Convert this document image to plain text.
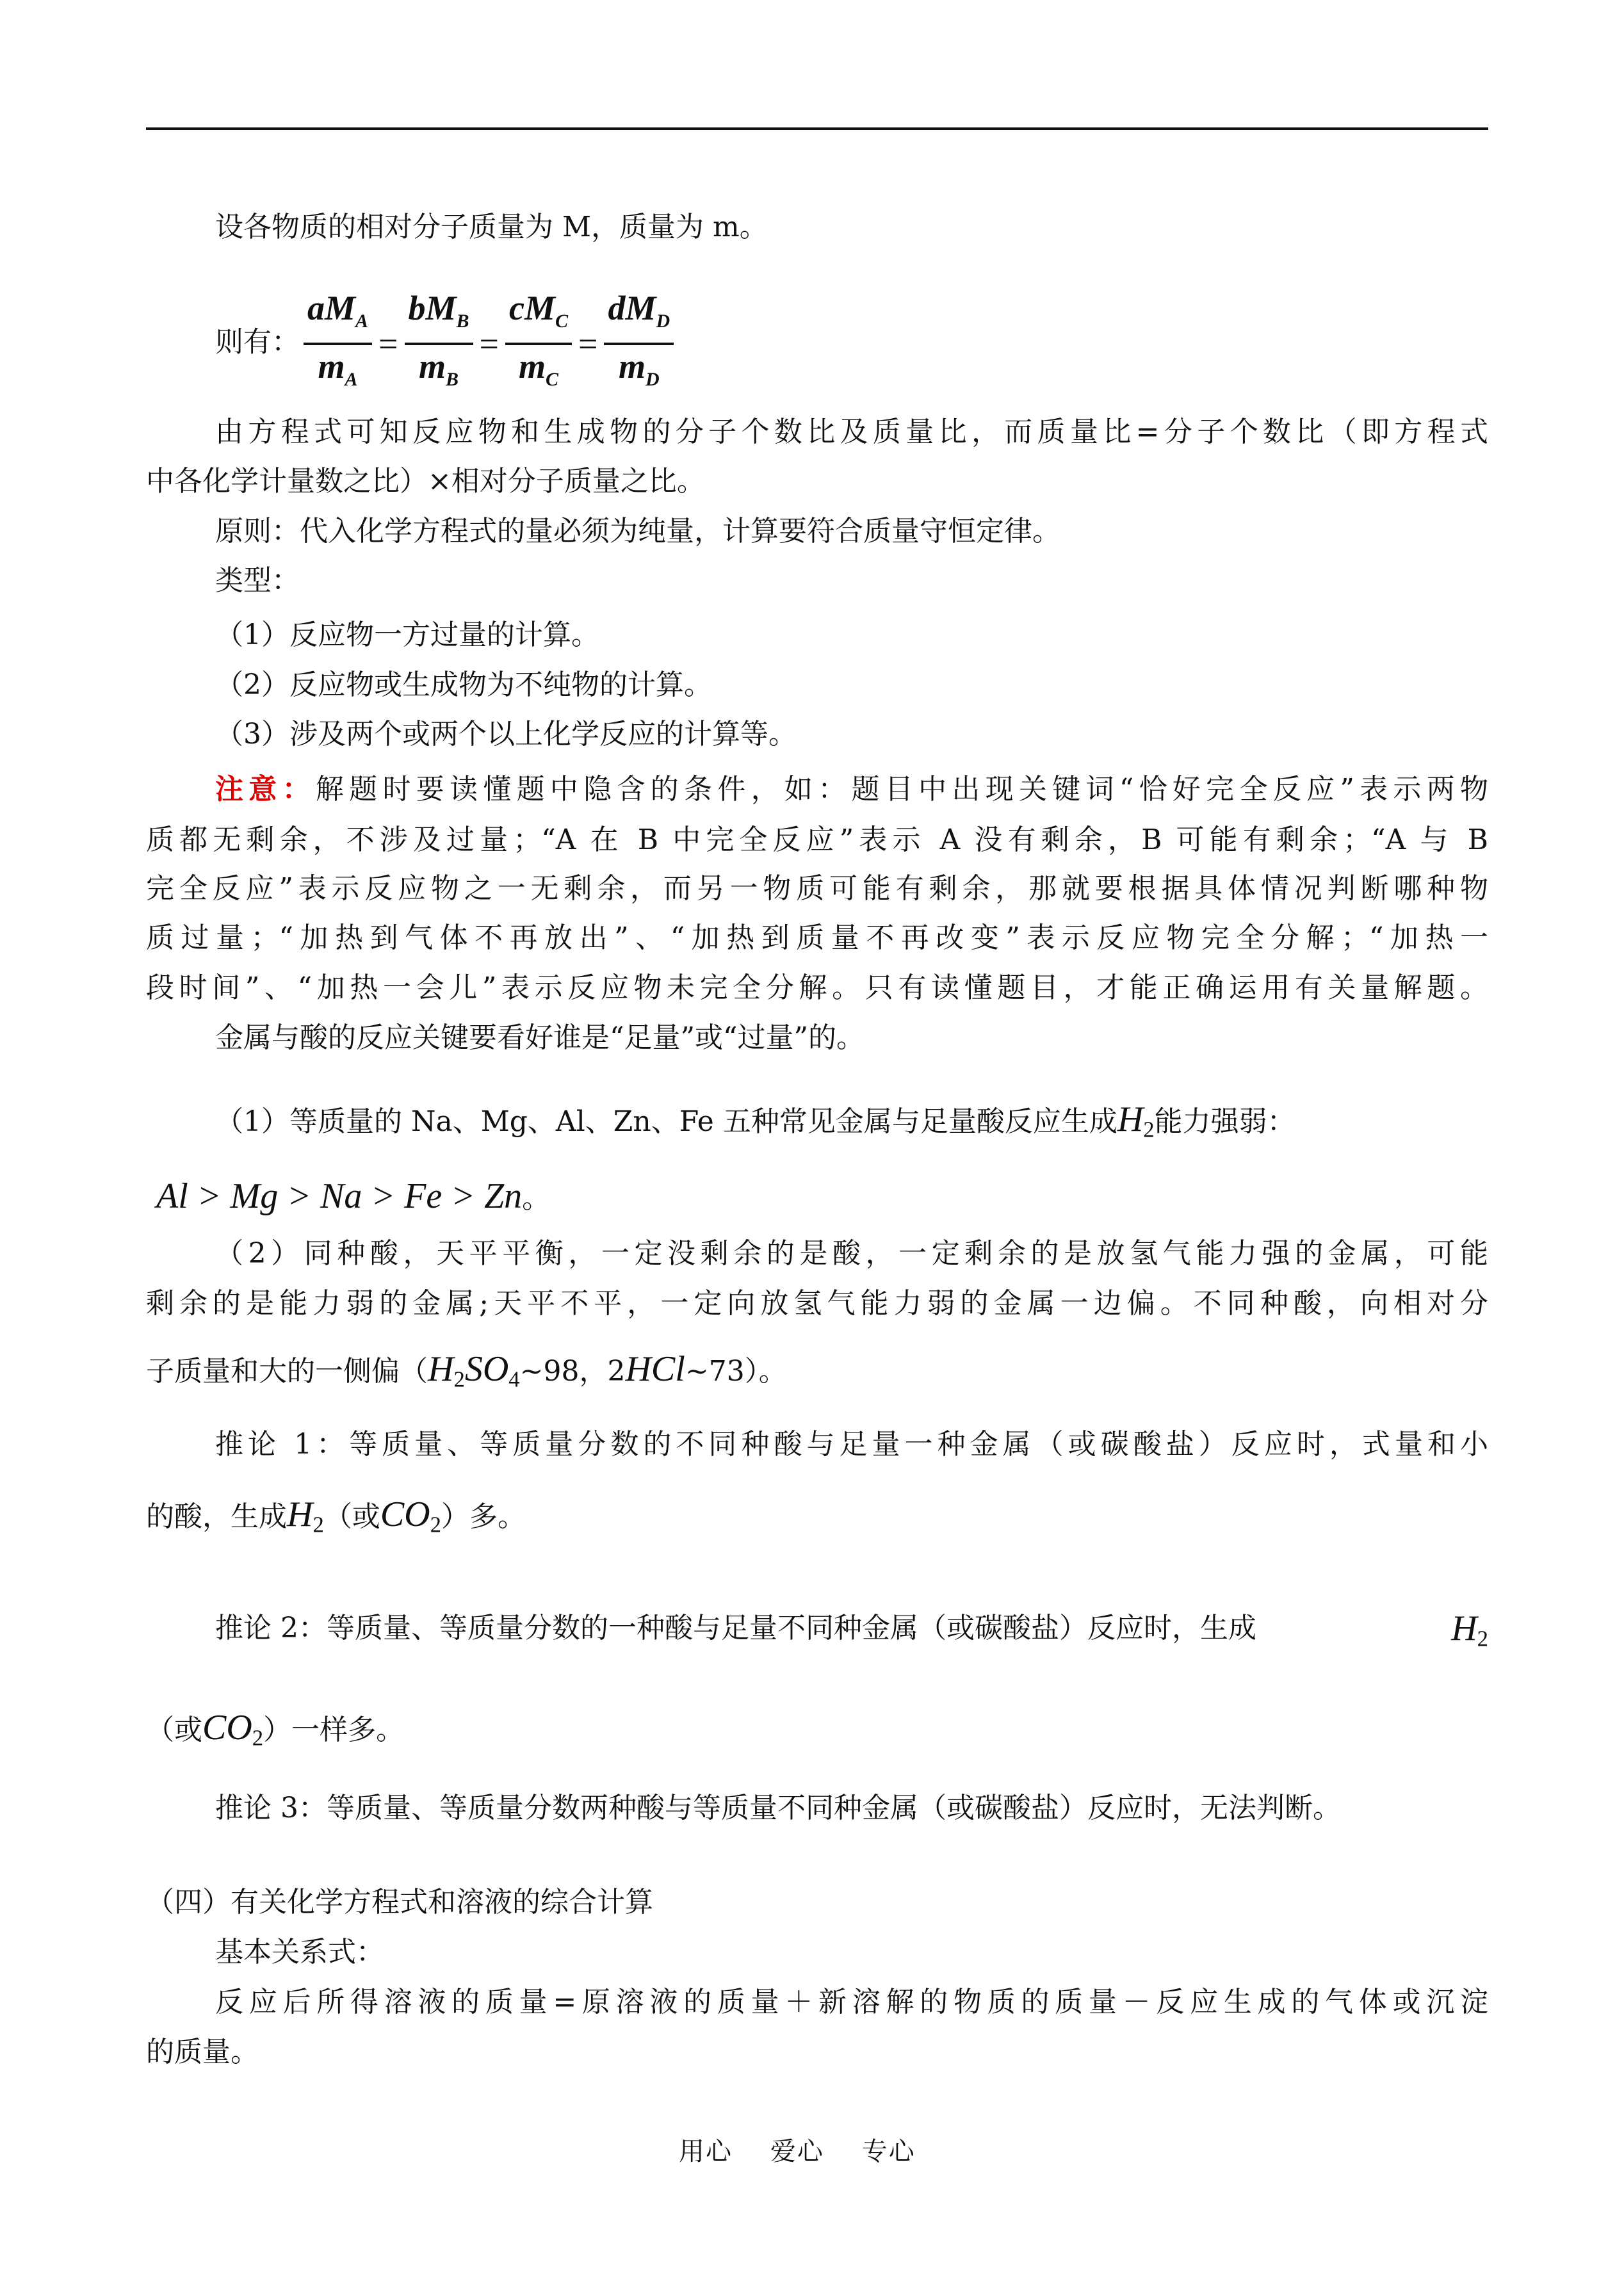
设各物质的相对分子质量为 M，质量为 m。
则有： $\frac{aM_A}{m_A} = \frac{bM_B}{m_B} = \frac{cM_C}{m_C} = \frac{dM_D}{m_D}$
由方程式可知反应物和生成物的分子个数比及质量比，而质量比=分子个数比（即方程式
中各化学计量数之比）×相对分子质量之比。
原则：代入化学方程式的量必须为纯量，计算要符合质量守恒定律。
类型：
（1）反应物一方过量的计算。
（2）反应物或生成物为不纯物的计算。
（3）涉及两个或两个以上化学反应的计算等。
注意：解题时要读懂题中隐含的条件，如：题目中出现关键词“恰好完全反应”表示两物
质都无剩余，不涉及过量；“A 在 B 中完全反应”表示 A 没有剩余，B 可能有剩余；“A 与 B
完全反应”表示反应物之一无剩余，而另一物质可能有剩余，那就要根据具体情况判断哪种物
质过量；“加热到气体不再放出”、“加热到质量不再改变”表示反应物完全分解；“加热一
段时间”、“加热一会儿”表示反应物未完全分解。只有读懂题目，才能正确运用有关量解题。
金属与酸的反应关键要看好谁是“足量”或“过量”的。
（1）等质量的 Na、Mg、Al、Zn、Fe 五种常见金属与足量酸反应生成$H_2$能力强弱：
Al > Mg > Na > Fe > Zn。
（2）同种酸，天平平衡，一定没剩余的是酸，一定剩余的是放氢气能力强的金属，可能
剩余的是能力弱的金属;天平不平，一定向放氢气能力弱的金属一边偏。不同种酸，向相对分
子质量和大的一侧偏（$H_2SO_4\sim 98$，2HCl~73）。
推论 1：等质量、等质量分数的不同种酸与足量一种金属（或碳酸盐）反应时，式量和小
的酸，生成$H_2$（或$CO_2$）多。
推论 2：等质量、等质量分数的一种酸与足量不同种金属（或碳酸盐）反应时，生成	$H_2$
（或$CO_2$）一样多。
推论 3：等质量、等质量分数两种酸与等质量不同种金属（或碳酸盐）反应时，无法判断。
（四）有关化学方程式和溶液的综合计算
基本关系式：
反应后所得溶液的质量=原溶液的质量＋新溶解的物质的质量－反应生成的气体或沉淀
的质量。
用心    爱心    专心
